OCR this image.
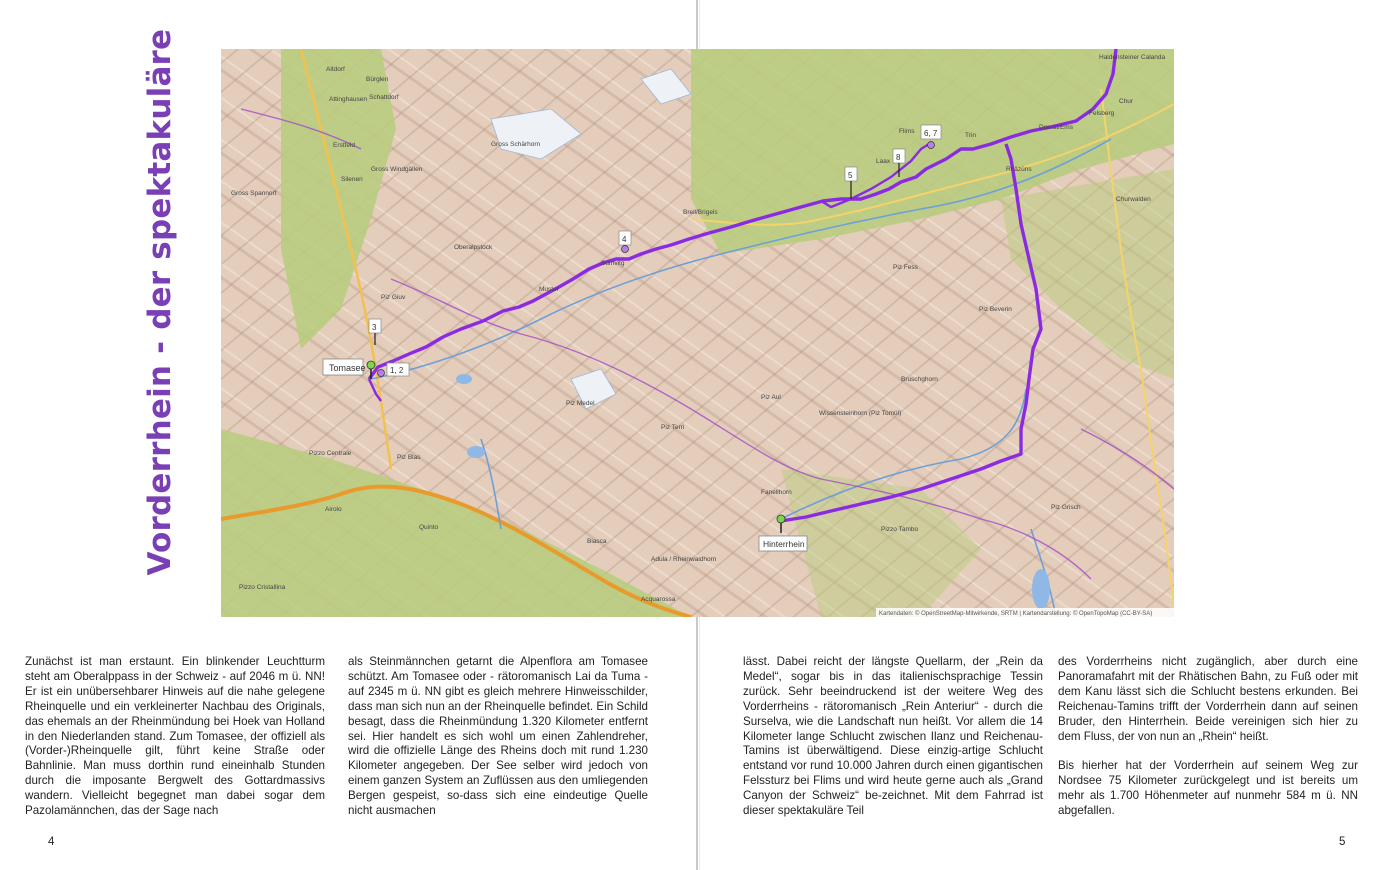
Vorderrhein - der spektakuläre	Tomasee	1, 2
3
4
5
8
6, 7
Hinterrhein
Altdorf
Bürglen
Attinghausen Schattdorf
Erstfeld
Silenen
Gross Spannort
Gross Windgällen
Gross Schärhorn
Oberalpstock
Piz Giuv
Sumvitg
Muster
Breil/Brigels
Flims
Laax
Trin
Chur
Felsberg
Domat/Ems
Rhäzüns
Churwalden
Piz Medel
Piz Terri
Piz Fess
Piz Aul
Bruschghorn
Piz Beverin
Wissensteinhorn (Piz Tomül)
Pizzo Centrale
Piz Blas
Airolo
Quinto
Biasca
Fanellhorn
Pizzo Tambo
Piz Grisch
Adula / Rheinwaldhorn
Acquarossa
Pizzo Cristallina
Haldensteiner Calanda
Kartendaten: © OpenStreetMap-Mitwirkende, SRTM | Kartendarstellung: © OpenTopoMap (CC-BY-SA)

Zunächst ist man erstaunt. Ein blinkender Leuchtturm steht am Oberalppass in der Schweiz - auf 2046 m ü. NN! Er ist ein unübersehbarer Hinweis auf die nahe gelegene Rheinquelle und ein verkleinerter Nachbau des Originals, das ehemals an der Rheinmündung bei Hoek van Holland in den Niederlanden stand. Zum Tomasee, der offiziell als (Vorder-)Rheinquelle gilt, führt keine Straße oder Bahnlinie. Man muss dorthin rund eineinhalb Stunden durch die imposante Bergwelt des Gottardmassivs wandern. Vielleicht begegnet man dabei sogar dem Pazolamännchen, das der Sage nach

als Steinmännchen getarnt die Alpenflora am Tomasee schützt. Am Tomasee oder - rätoromanisch Lai da Tuma - auf 2345 m ü. NN gibt es gleich mehrere Hinweisschilder, dass man sich nun an der Rheinquelle befindet. Ein Schild besagt, dass die Rheinmündung 1.320 Kilometer entfernt sei. Hier handelt es sich wohl um einen Zahlendreher, wird die offizielle Länge des Rheins doch mit rund 1.230 Kilometer angegeben. Der See selber wird jedoch von einem ganzen System an Zuflüssen aus den umliegenden Bergen gespeist, so-dass sich eine eindeutige Quelle nicht ausmachen

lässt. Dabei reicht der längste Quellarm, der „Rein da Medel“, sogar bis in das italienischsprachige Tessin zurück. Sehr beeindruckend ist der weitere Weg des Vorderrheins - rätoromanisch „Rein Anteriur“ - durch die Surselva, wie die Landschaft nun heißt. Vor allem die 14 Kilometer lange Schlucht zwischen Ilanz und Reichenau-Tamins ist überwältigend. Diese einzig-artige Schlucht entstand vor rund 10.000 Jahren durch einen gigantischen Felssturz bei Flims und wird heute gerne auch als „Grand Canyon der Schweiz“ be-zeichnet. Mit dem Fahrrad ist dieser spektakuläre Teil

des Vorderrheins nicht zugänglich, aber durch eine Panoramafahrt mit der Rhätischen Bahn, zu Fuß oder mit dem Kanu lässt sich die Schlucht bestens erkunden. Bei Reichenau-Tamins trifft der Vorderrhein dann auf seinen Bruder, den Hinterrhein. Beide vereinigen sich hier zu dem Fluss, der von nun an „Rhein“ heißt.

Bis hierher hat der Vorderrhein auf seinem Weg zur Nordsee 75 Kilometer zurückgelegt und ist bereits um mehr als 1.700 Höhenmeter auf nunmehr 584 m ü. NN abgefallen.

4	5
